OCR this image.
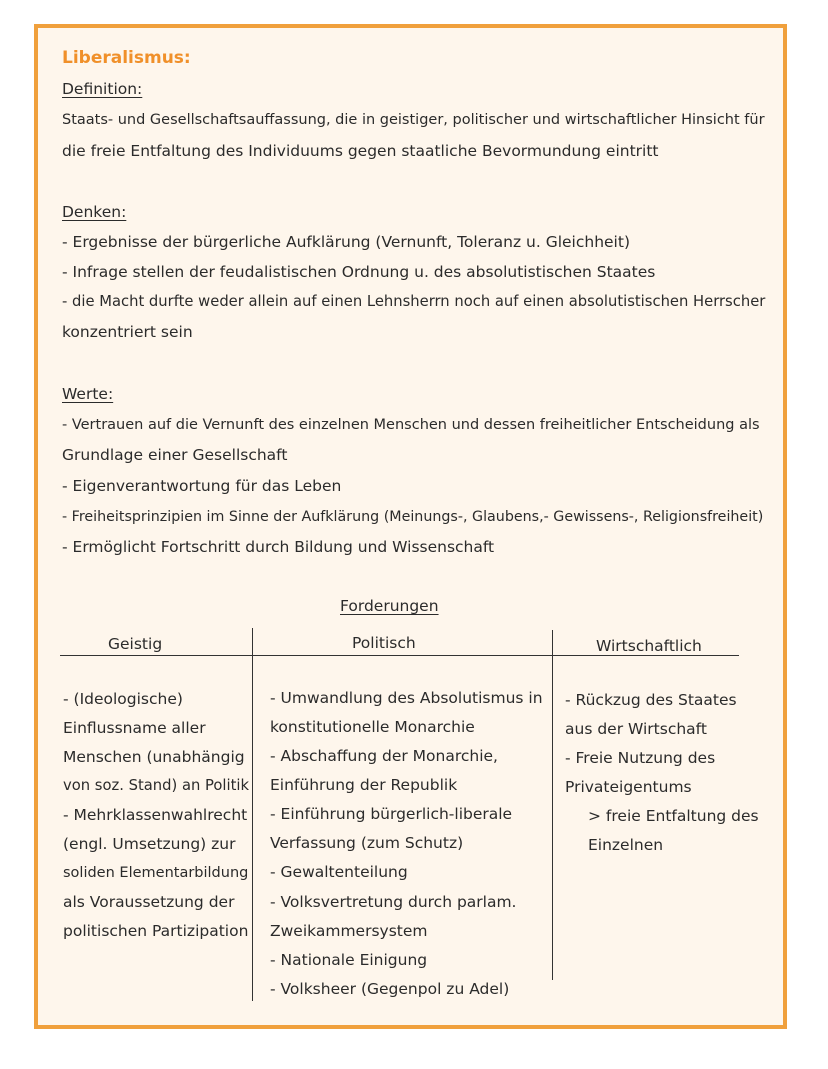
Liberalismus:
Definition:
Staats- und Gesellschaftsauffassung, die in geistiger, politischer und wirtschaftlicher Hinsicht für
die freie Entfaltung des Individuums gegen staatliche Bevormundung eintritt
Denken:
- Ergebnisse der bürgerliche Aufklärung (Vernunft, Toleranz u. Gleichheit)
- Infrage stellen der feudalistischen Ordnung u. des absolutistischen Staates
- die Macht durfte weder allein auf einen Lehnsherrn noch auf einen absolutistischen Herrscher
konzentriert sein
Werte:
- Vertrauen auf die Vernunft des einzelnen Menschen und dessen freiheitlicher Entscheidung als
Grundlage einer Gesellschaft
- Eigenverantwortung für das Leben
- Freiheitsprinzipien im Sinne der Aufklärung (Meinungs-, Glaubens,- Gewissens-, Religionsfreiheit)
- Ermöglicht Fortschritt durch Bildung und Wissenschaft
Forderungen
Geistig	Politisch	Wirtschaftlich
- (Ideologische)
Einflussname aller
Menschen (unabhängig
von soz. Stand) an Politik
- Mehrklassenwahlrecht
(engl. Umsetzung) zur
soliden Elementarbildung
als Voraussetzung der
politischen Partizipation
- Umwandlung des Absolutismus in
konstitutionelle Monarchie
- Abschaffung der Monarchie,
Einführung der Republik
- Einführung bürgerlich-liberale
Verfassung (zum Schutz)
- Gewaltenteilung
- Volksvertretung durch parlam.
Zweikammersystem
- Nationale Einigung
- Volksheer (Gegenpol zu Adel)
- Rückzug des Staates
aus der Wirtschaft
- Freie Nutzung des
Privateigentums
> freie Entfaltung des
Einzelnen
